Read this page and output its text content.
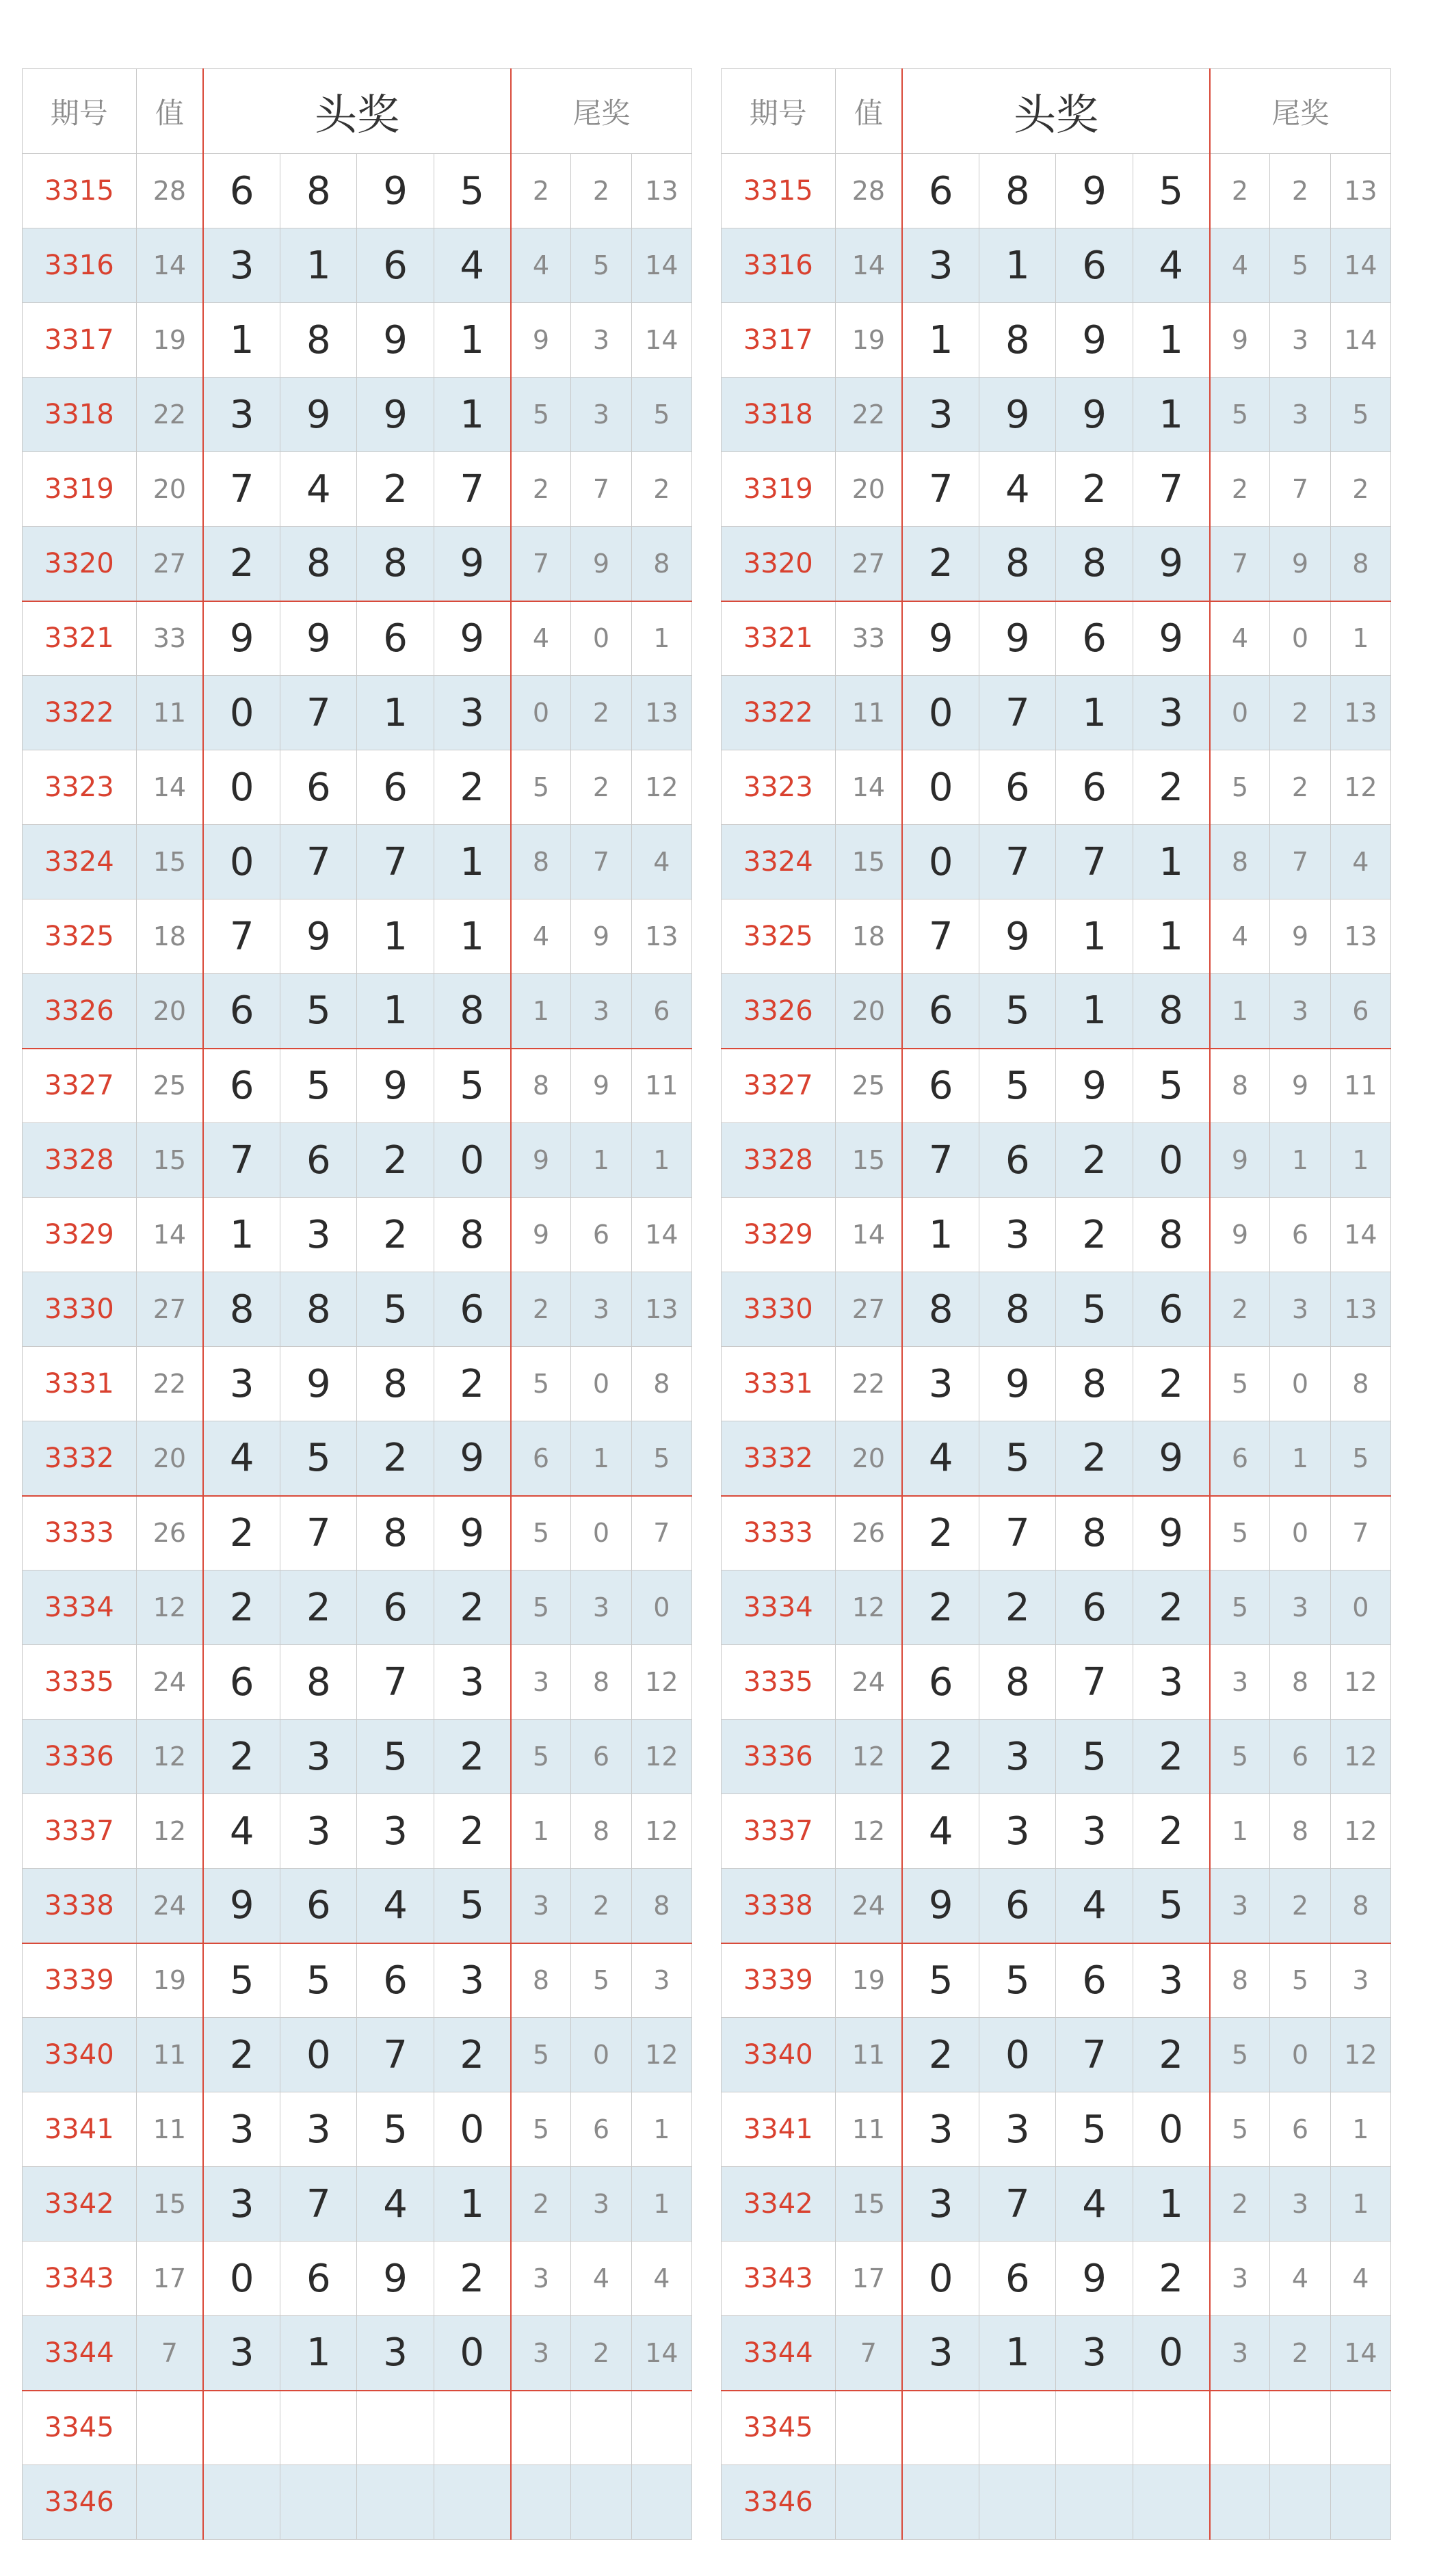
期号	值	头奖				尾奖		
3315	28	6	8	9	5	2	2	13
3316	14	3	1	6	4	4	5	14
3317	19	1	8	9	1	9	3	14
3318	22	3	9	9	1	5	3	5
3319	20	7	4	2	7	2	7	2
3320	27	2	8	8	9	7	9	8
3321	33	9	9	6	9	4	0	1
3322	11	0	7	1	3	0	2	13
3323	14	0	6	6	2	5	2	12
3324	15	0	7	7	1	8	7	4
3325	18	7	9	1	1	4	9	13
3326	20	6	5	1	8	1	3	6
3327	25	6	5	9	5	8	9	11
3328	15	7	6	2	0	9	1	1
3329	14	1	3	2	8	9	6	14
3330	27	8	8	5	6	2	3	13
3331	22	3	9	8	2	5	0	8
3332	20	4	5	2	9	6	1	5
3333	26	2	7	8	9	5	0	7
3334	12	2	2	6	2	5	3	0
3335	24	6	8	7	3	3	8	12
3336	12	2	3	5	2	5	6	12
3337	12	4	3	3	2	1	8	12
3338	24	9	6	4	5	3	2	8
3339	19	5	5	6	3	8	5	3
3340	11	2	0	7	2	5	0	12
3341	11	3	3	5	0	5	6	1
3342	15	3	7	4	1	2	3	1
3343	17	0	6	9	2	3	4	4
3344	7	3	1	3	0	3	2	14
3345								
3346								
期号	值	头奖				尾奖		
3315	28	6	8	9	5	2	2	13
3316	14	3	1	6	4	4	5	14
3317	19	1	8	9	1	9	3	14
3318	22	3	9	9	1	5	3	5
3319	20	7	4	2	7	2	7	2
3320	27	2	8	8	9	7	9	8
3321	33	9	9	6	9	4	0	1
3322	11	0	7	1	3	0	2	13
3323	14	0	6	6	2	5	2	12
3324	15	0	7	7	1	8	7	4
3325	18	7	9	1	1	4	9	13
3326	20	6	5	1	8	1	3	6
3327	25	6	5	9	5	8	9	11
3328	15	7	6	2	0	9	1	1
3329	14	1	3	2	8	9	6	14
3330	27	8	8	5	6	2	3	13
3331	22	3	9	8	2	5	0	8
3332	20	4	5	2	9	6	1	5
3333	26	2	7	8	9	5	0	7
3334	12	2	2	6	2	5	3	0
3335	24	6	8	7	3	3	8	12
3336	12	2	3	5	2	5	6	12
3337	12	4	3	3	2	1	8	12
3338	24	9	6	4	5	3	2	8
3339	19	5	5	6	3	8	5	3
3340	11	2	0	7	2	5	0	12
3341	11	3	3	5	0	5	6	1
3342	15	3	7	4	1	2	3	1
3343	17	0	6	9	2	3	4	4
3344	7	3	1	3	0	3	2	14
3345								
3346								
